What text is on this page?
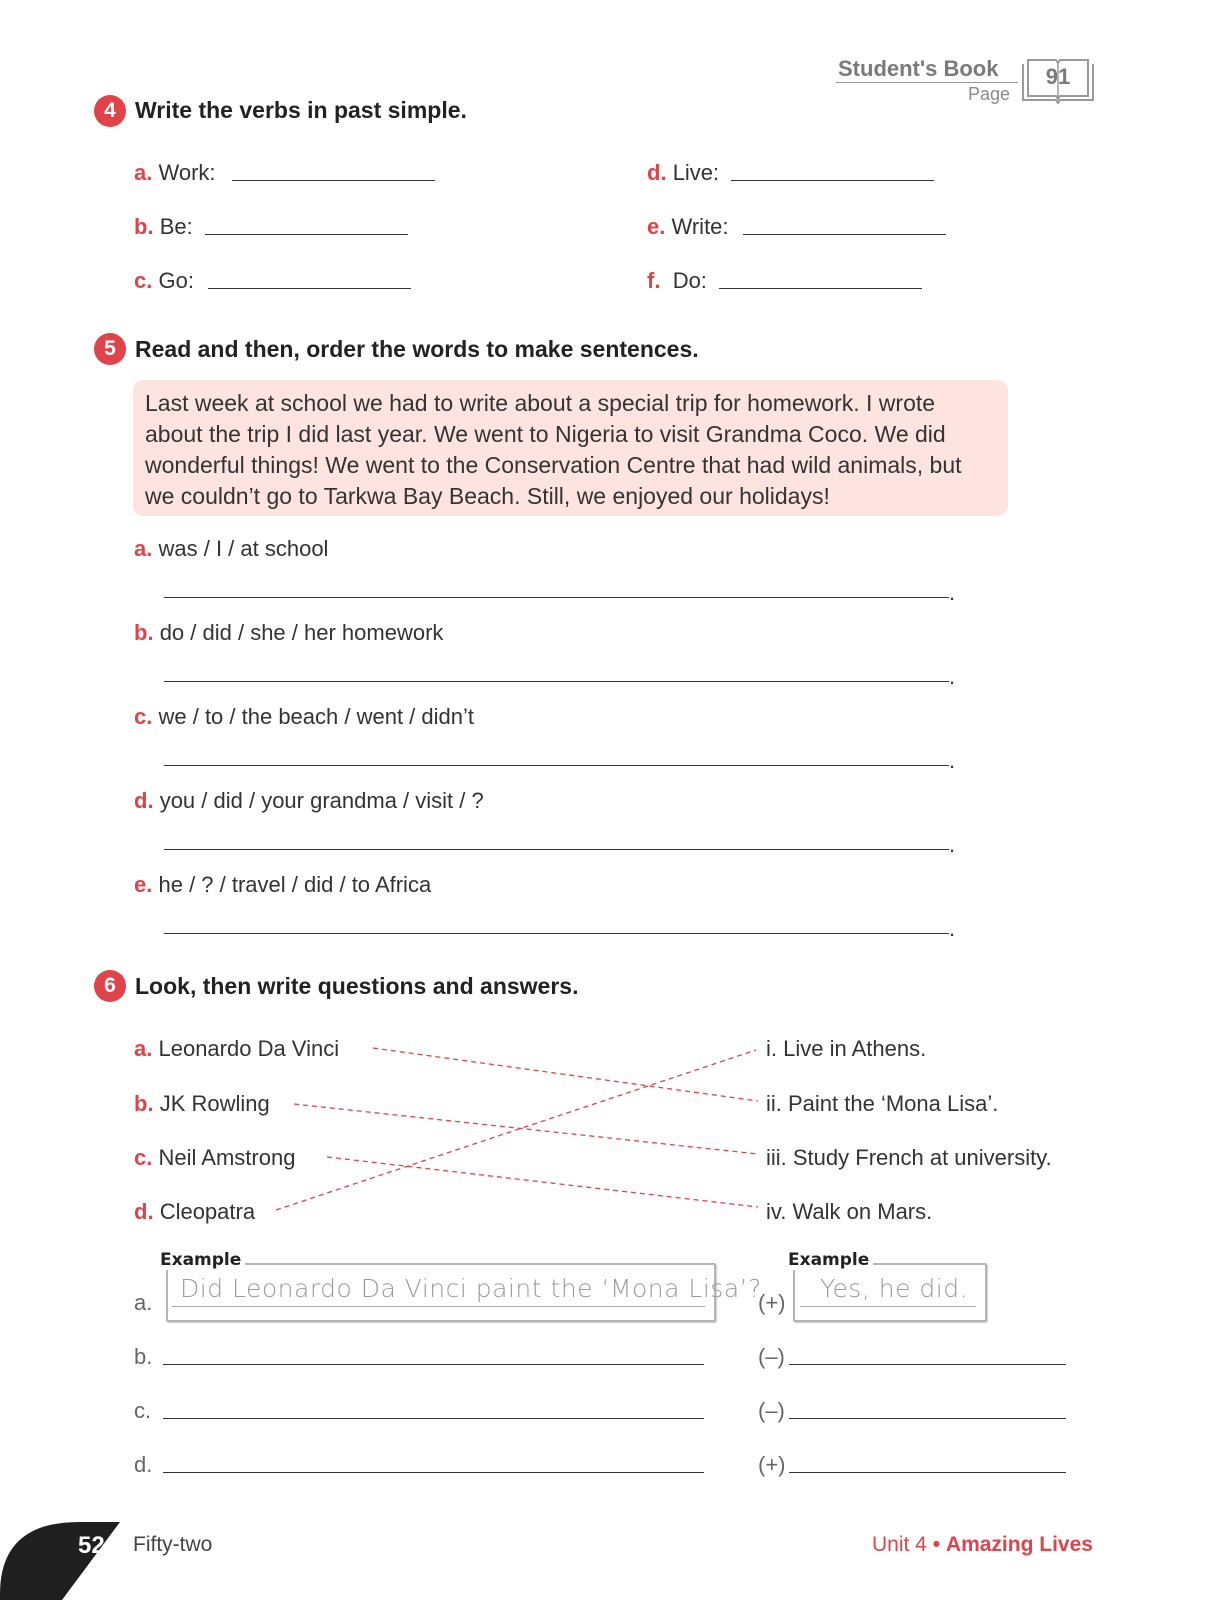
Student's Book
Page
91
4 Write the verbs in past simple.
a. Work:
b. Be:
c. Go:
d. Live:
e. Write:
f. Do:
5 Read and then, order the words to make sentences.

Last week at school we had to write about a special trip for homework. I wrote

about the trip I did last year. We went to Nigeria to visit Grandma Coco. We did

wonderful things! We went to the Conservation Centre that had wild animals, but

we couldn’t go to Tarkwa Bay Beach. Still, we enjoyed our holidays!

a. was / I / at school
.
b. do / did / she / her homework
.
c. we / to / the beach / went / didn’t
.
d. you / did / your grandma / visit / ?
.
e. he / ? / travel / did / to Africa
.
6 Look, then write questions and answers.
a. Leonardo Da Vinci
b. JK Rowling
c. Neil Amstrong
d. Cleopatra
i. Live in Athens.
ii. Paint the ‘Mona Lisa’.
iii. Study French at university.
iv. Walk on Mars.
Example
Did Leonardo Da Vinci paint the ‘Mona Lisa’?
Example
Yes, he did.
a.	(+)
b.	(–)
c.	(–)
d.	(+)
52 Fifty-two	Unit 4 • Amazing Lives
